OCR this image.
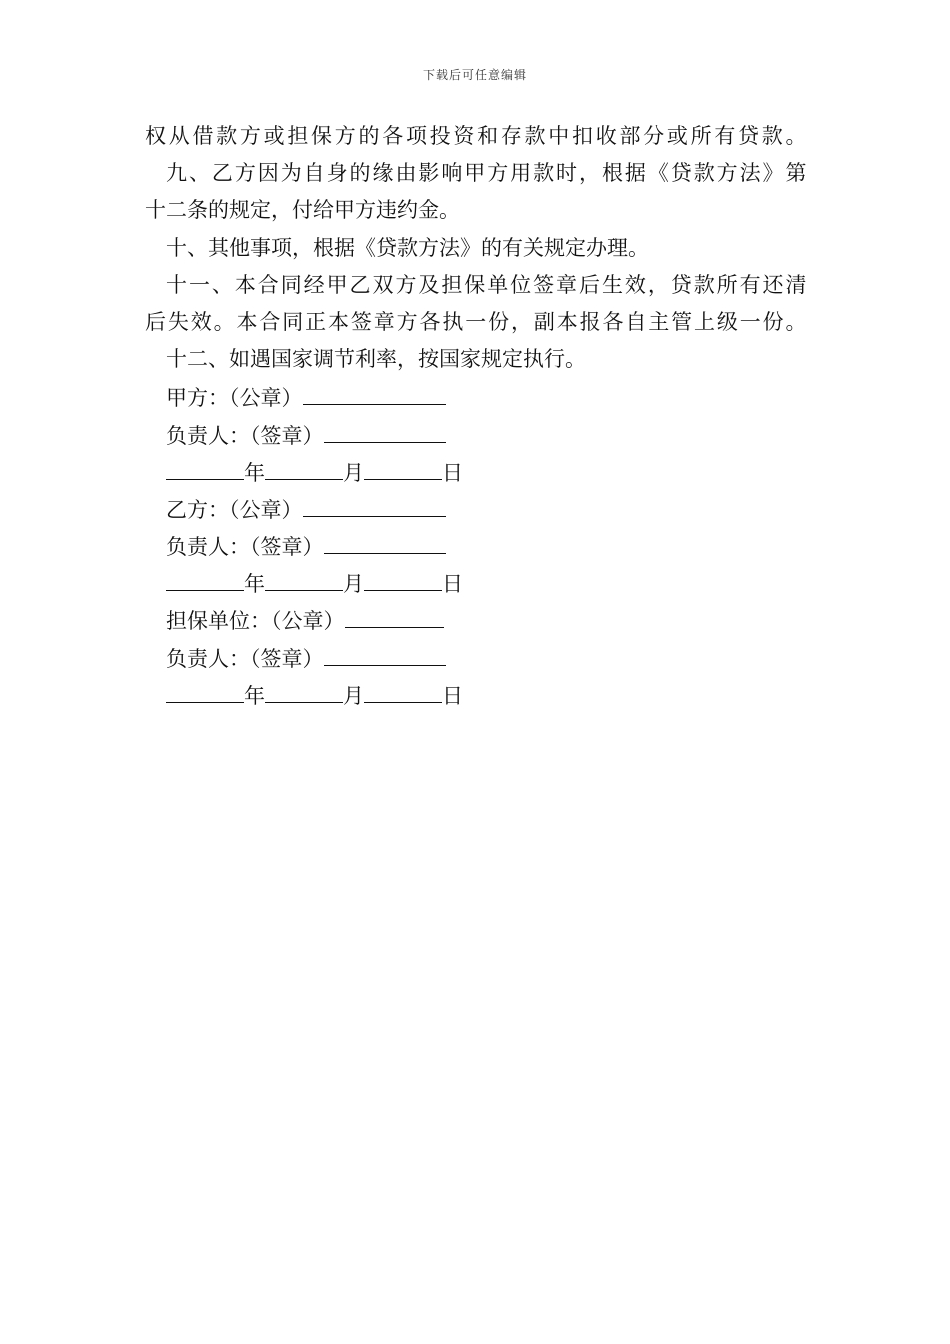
下载后可任意编辑
权从借款方或担保方的各项投资和存款中扣收部分或所有贷款。
九、乙方因为自身的缘由影响甲方用款时，根据《贷款方法》第
十二条的规定，付给甲方违约金。
十、其他事项，根据《贷款方法》的有关规定办理。
十一、本合同经甲乙双方及担保单位签章后生效，贷款所有还清
后失效。本合同正本签章方各执一份，副本报各自主管上级一份。
十二、如遇国家调节利率，按国家规定执行。
甲方：（公章）
负责人：（签章）
年	月	日
乙方：（公章）
负责人：（签章）
年	月	日
担保单位：（公章）
负责人：（签章）
年	月	日
